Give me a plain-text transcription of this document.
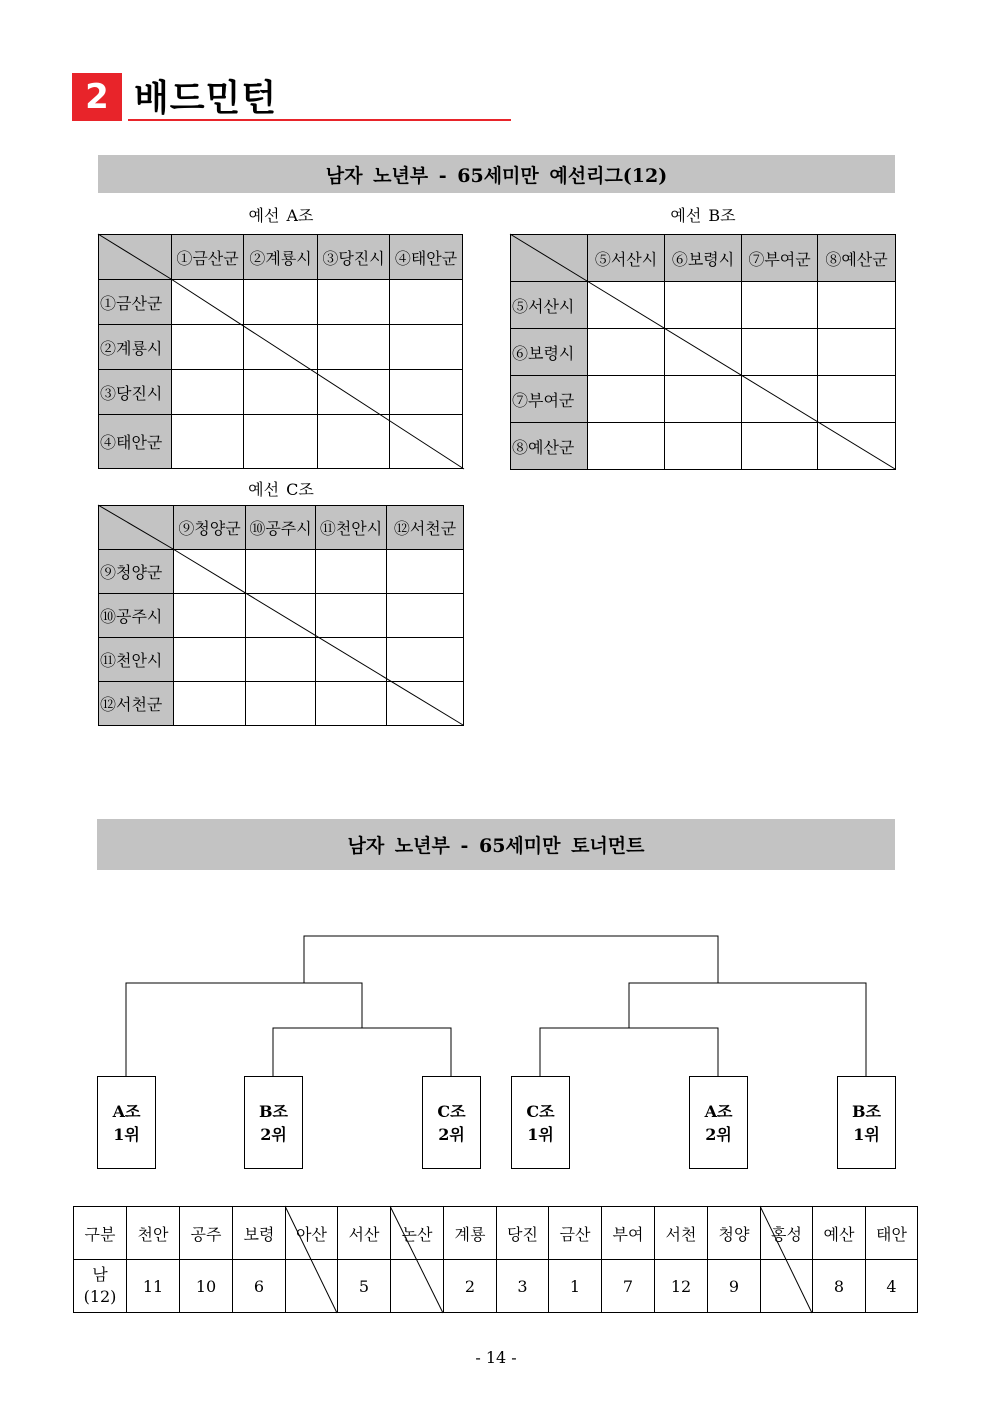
2 배드민턴
남자 노년부 - 65세미만 예선리그(12)
예선 A조	예선 B조
예선 C조
	①금산군	②계룡시	③당진시	④태안군
①금산군				
②계룡시				
③당진시				
④태안군				
	⑤서산시	⑥보령시	⑦부여군	⑧예산군
⑤서산시				
⑥보령시				
⑦부여군				
⑧예산군				
	⑨청양군	⑩공주시	⑪천안시	⑫서천군
⑨청양군				
⑩공주시				
⑪천안시				
⑫서천군				
남자 노년부 - 65세미만 토너먼트
A조
1위
B조
2위
C조
2위
C조
1위
A조
2위
B조
1위
구분	천안	공주	보령	아산	서산	논산	계룡	당진	금산	부여	서천	청양	홍성	예산	태안
남
(12)	11	10	6		5		2	3	1	7	12	9		8	4
- 14 -
